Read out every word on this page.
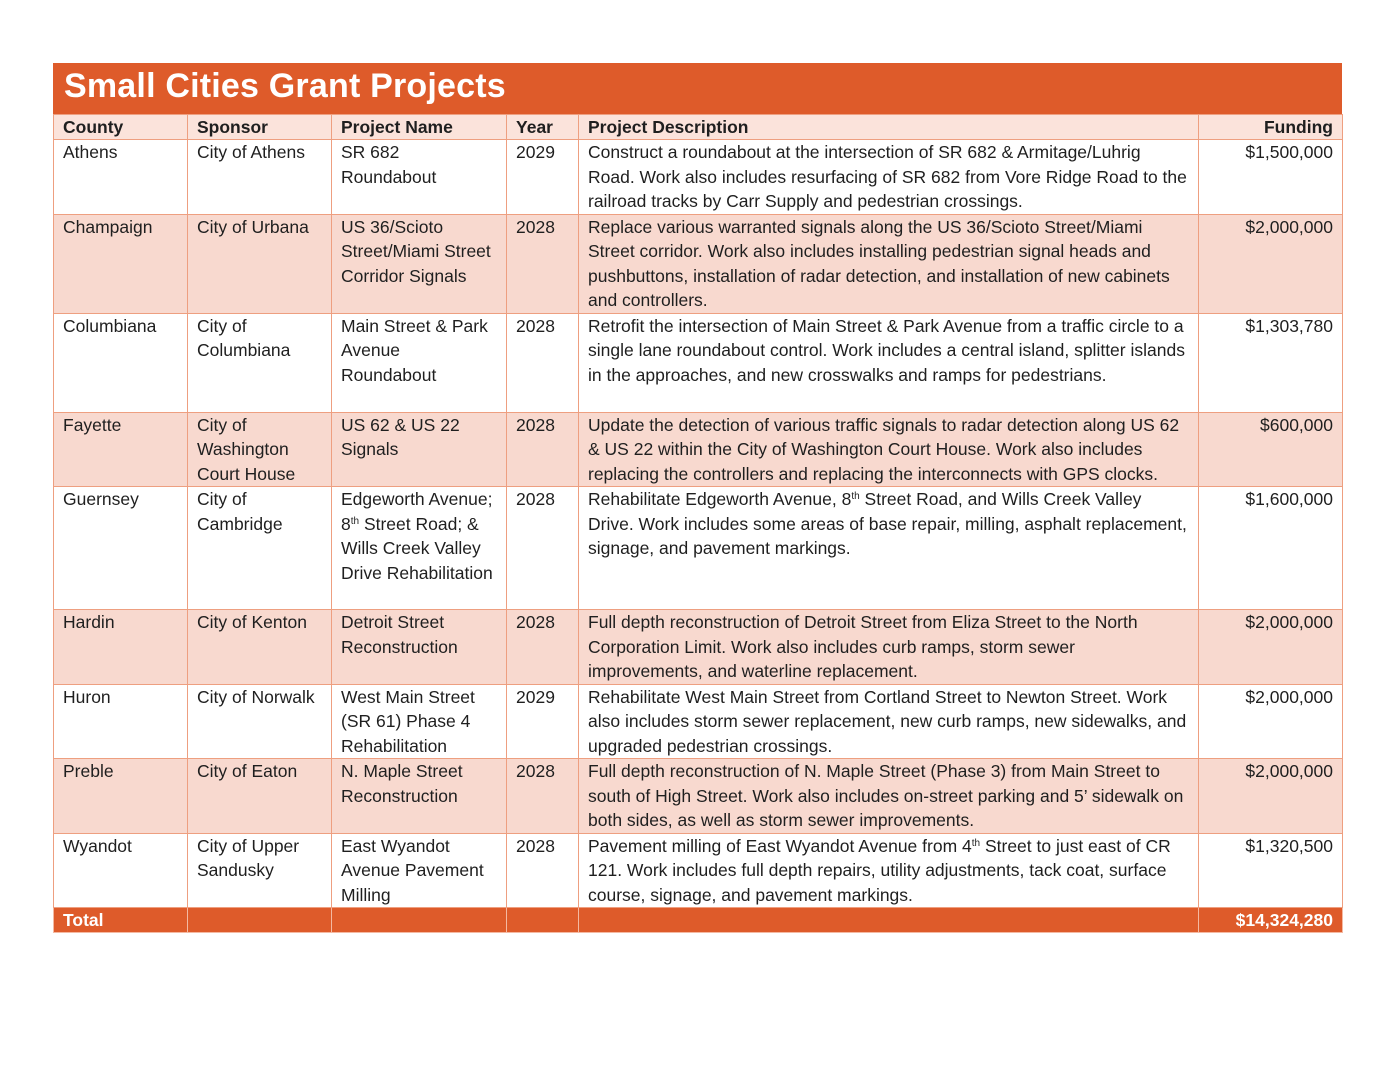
Small Cities Grant Projects
County	Sponsor	Project Name	Year	Project Description	Funding
Athens	City of Athens	SR 682 Roundabout	2029	Construct a roundabout at the intersection of SR 682 & Armitage/Luhrig Road. Work also includes resurfacing of SR 682 from Vore Ridge Road to the railroad tracks by Carr Supply and pedestrian crossings.	$1,500,000
Champaign	City of Urbana	US 36/Scioto Street/Miami Street Corridor Signals	2028	Replace various warranted signals along the US 36/Scioto Street/Miami Street corridor. Work also includes installing pedestrian signal heads and pushbuttons, installation of radar detection, and installation of new cabinets and controllers.	$2,000,000
Columbiana	City of Columbiana	Main Street & Park Avenue Roundabout	2028	Retrofit the intersection of Main Street & Park Avenue from a traffic circle to a single lane roundabout control. Work includes a central island, splitter islands in the approaches, and new crosswalks and ramps for pedestrians.	$1,303,780
Fayette	City of Washington Court House	US 62 & US 22 Signals	2028	Update the detection of various traffic signals to radar detection along US 62 & US 22 within the City of Washington Court House. Work also includes replacing the controllers and replacing the interconnects with GPS clocks.	$600,000
Guernsey	City of Cambridge	Edgeworth Avenue; 8th Street Road; & Wills Creek Valley Drive Rehabilitation	2028	Rehabilitate Edgeworth Avenue, 8th Street Road, and Wills Creek Valley Drive. Work includes some areas of base repair, milling, asphalt replacement, signage, and pavement markings.	$1,600,000
Hardin	City of Kenton	Detroit Street Reconstruction	2028	Full depth reconstruction of Detroit Street from Eliza Street to the North Corporation Limit. Work also includes curb ramps, storm sewer improvements, and waterline replacement.	$2,000,000
Huron	City of Norwalk	West Main Street (SR 61) Phase 4 Rehabilitation	2029	Rehabilitate West Main Street from Cortland Street to Newton Street. Work also includes storm sewer replacement, new curb ramps, new sidewalks, and upgraded pedestrian crossings.	$2,000,000
Preble	City of Eaton	N. Maple Street Reconstruction	2028	Full depth reconstruction of N. Maple Street (Phase 3) from Main Street to south of High Street. Work also includes on-street parking and 5’ sidewalk on both sides, as well as storm sewer improvements.	$2,000,000
Wyandot	City of Upper Sandusky	East Wyandot Avenue Pavement Milling	2028	Pavement milling of East Wyandot Avenue from 4th Street to just east of CR 121. Work includes full depth repairs, utility adjustments, tack coat, surface course, signage, and pavement markings.	$1,320,500
Total					$14,324,280
